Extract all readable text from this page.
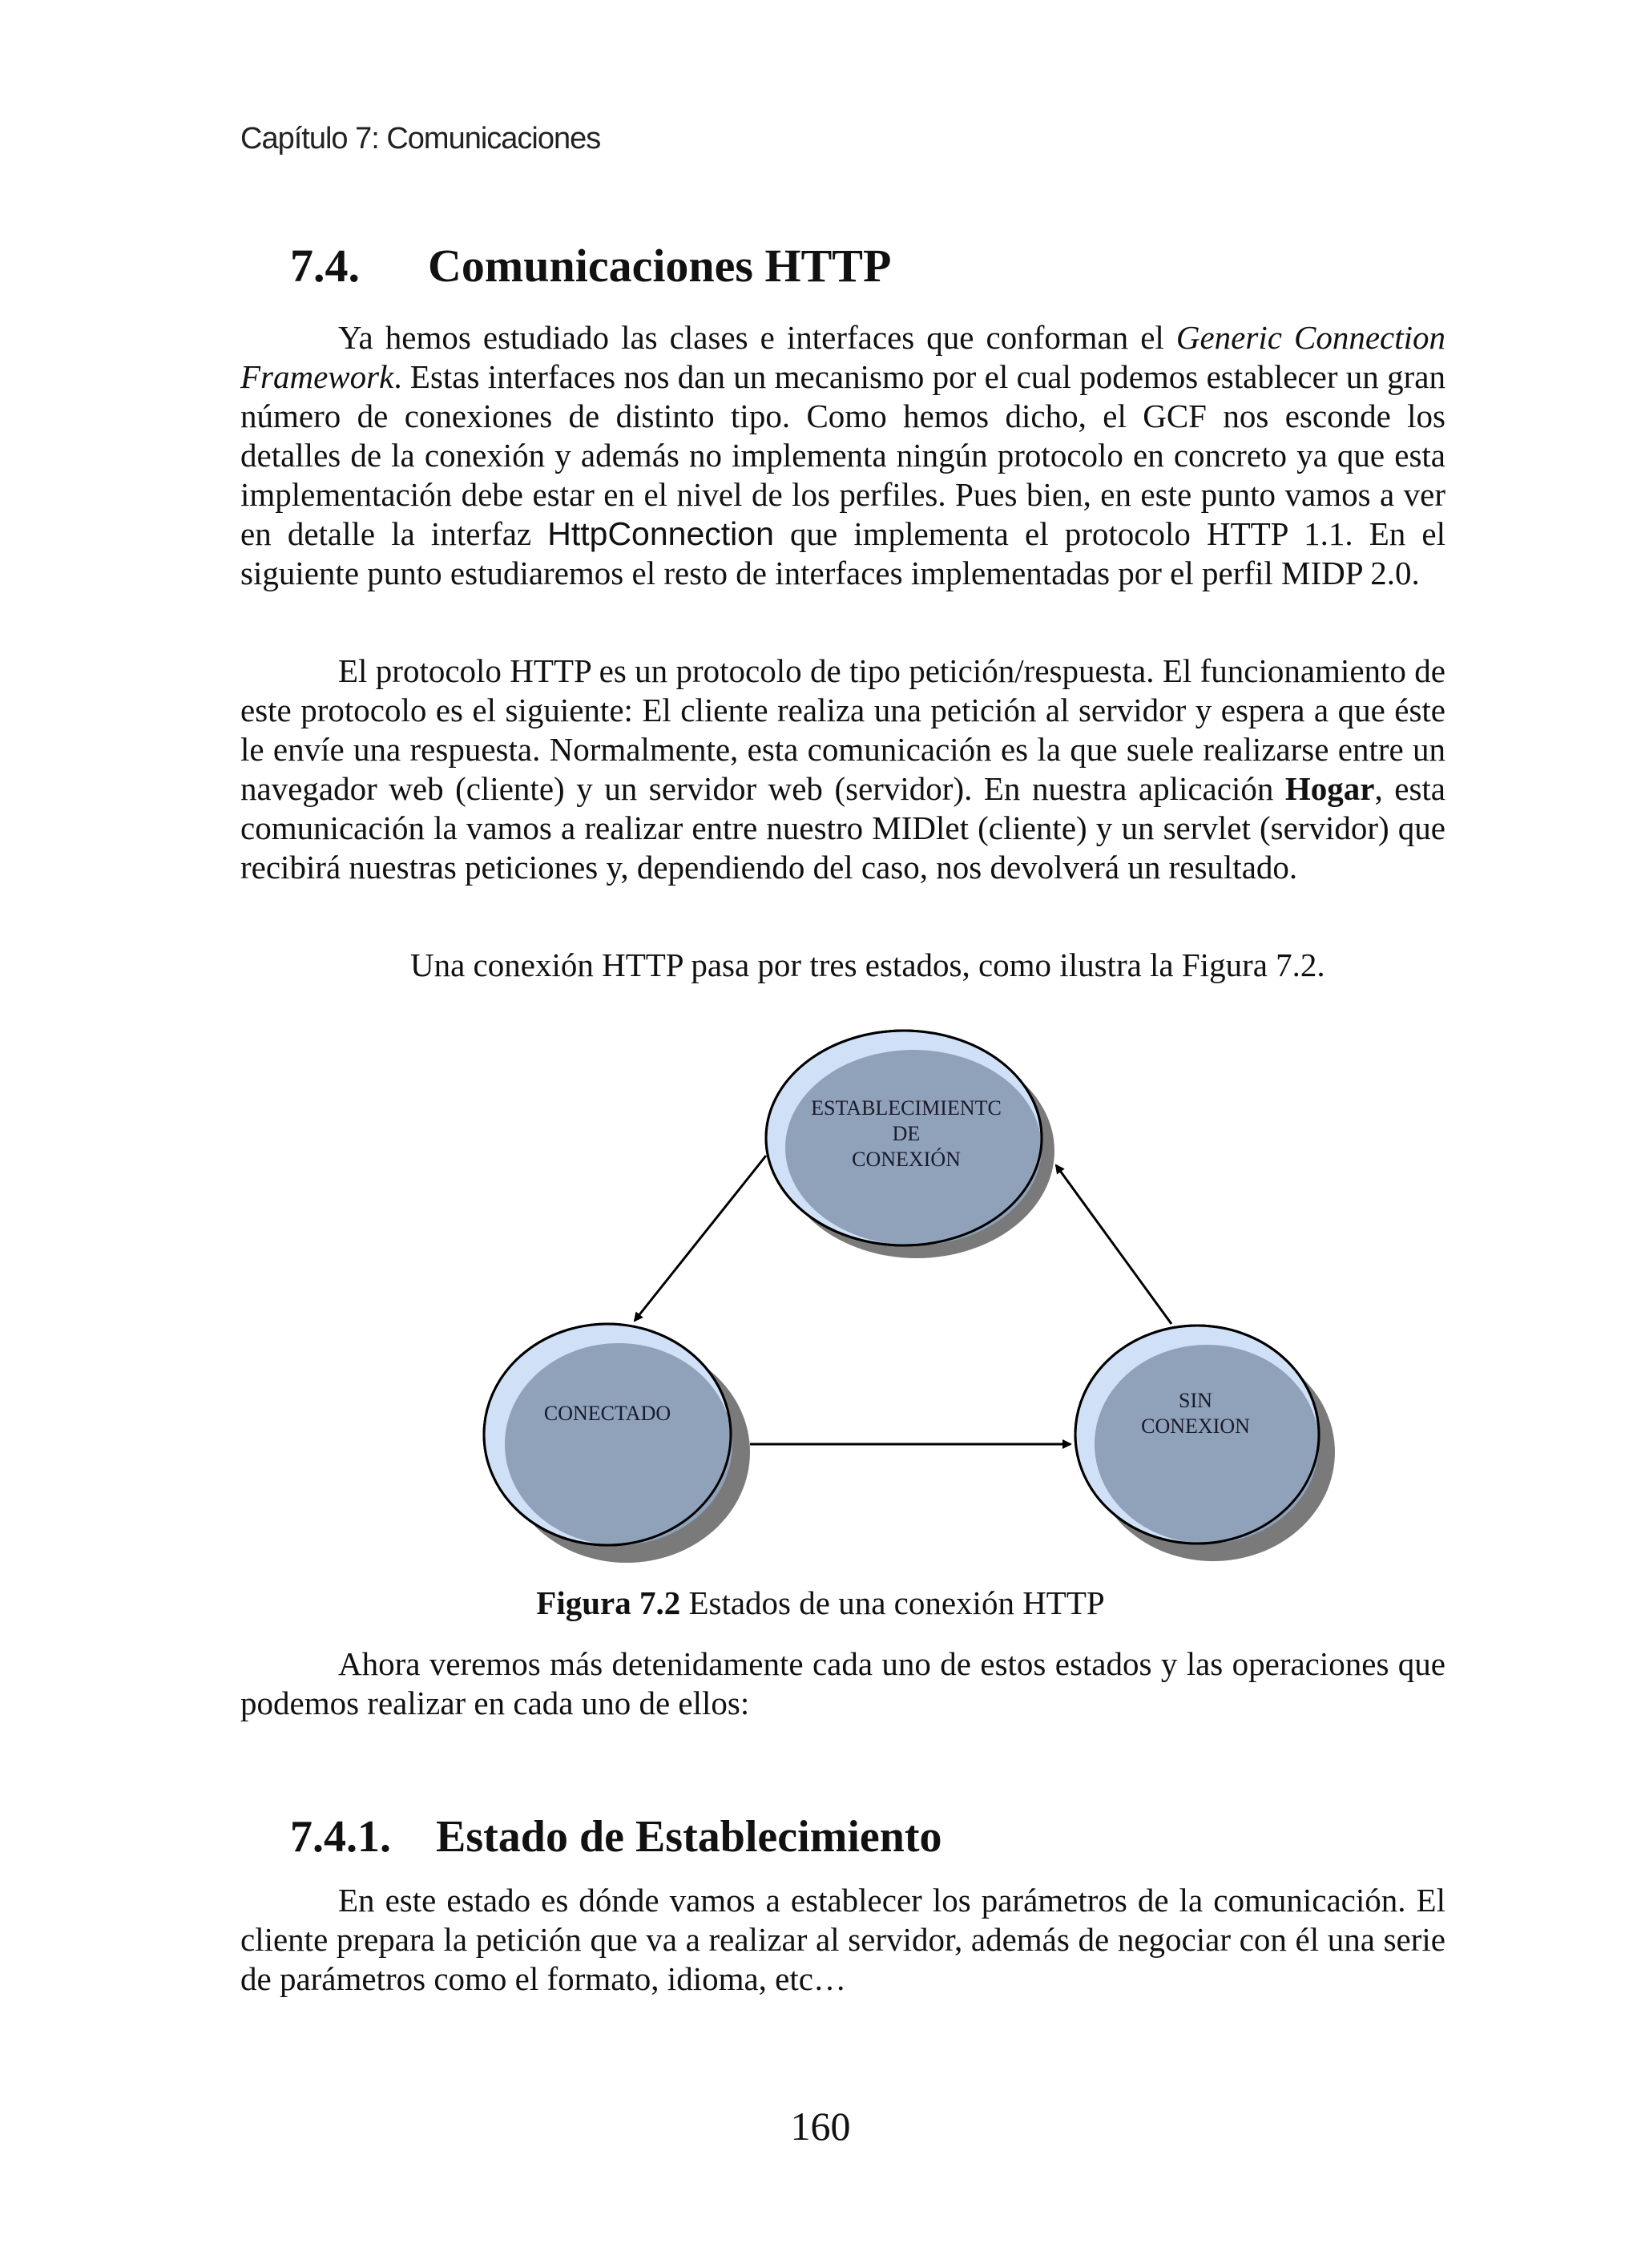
Capítulo 7: Comunicaciones
7.4. Comunicaciones HTTP

Ya hemos estudiado las clases e interfaces que conforman el Generic Connection Framework. Estas interfaces nos dan un mecanismo por el cual podemos establecer un gran número de conexiones de distinto tipo. Como hemos dicho, el GCF nos esconde los detalles de la conexión y además no implementa ningún protocolo en concreto ya que esta implementación debe estar en el nivel de los perfiles. Pues bien, en este punto vamos a ver en detalle la interfaz HttpConnection que implementa el protocolo HTTP 1.1. En el siguiente punto estudiaremos el resto de interfaces implementadas por el perfil MIDP 2.0.

El protocolo HTTP es un protocolo de tipo petición/respuesta. El funcionamiento de este protocolo es el siguiente: El cliente realiza una petición al servidor y espera a que éste le envíe una respuesta. Normalmente, esta comunicación es la que suele realizarse entre un navegador web (cliente) y un servidor web (servidor). En nuestra aplicación Hogar, esta comunicación la vamos a realizar entre nuestro MIDlet (cliente) y un servlet (servidor) que recibirá nuestras peticiones y, dependiendo del caso, nos devolverá un resultado.

Una conexión HTTP pasa por tres estados, como ilustra la Figura 7.2.

ESTABLECIMIENTC
DE
CONEXIÓN
CONECTADO
SIN
CONEXION

Figura 7.2 Estados de una conexión HTTP

Ahora veremos más detenidamente cada uno de estos estados y las operaciones que podemos realizar en cada uno de ellos:

7.4.1. Estado de Establecimiento

En este estado es dónde vamos a establecer los parámetros de la comunicación. El cliente prepara la petición que va a realizar al servidor, además de negociar con él una serie de parámetros como el formato, idioma, etc…

160
